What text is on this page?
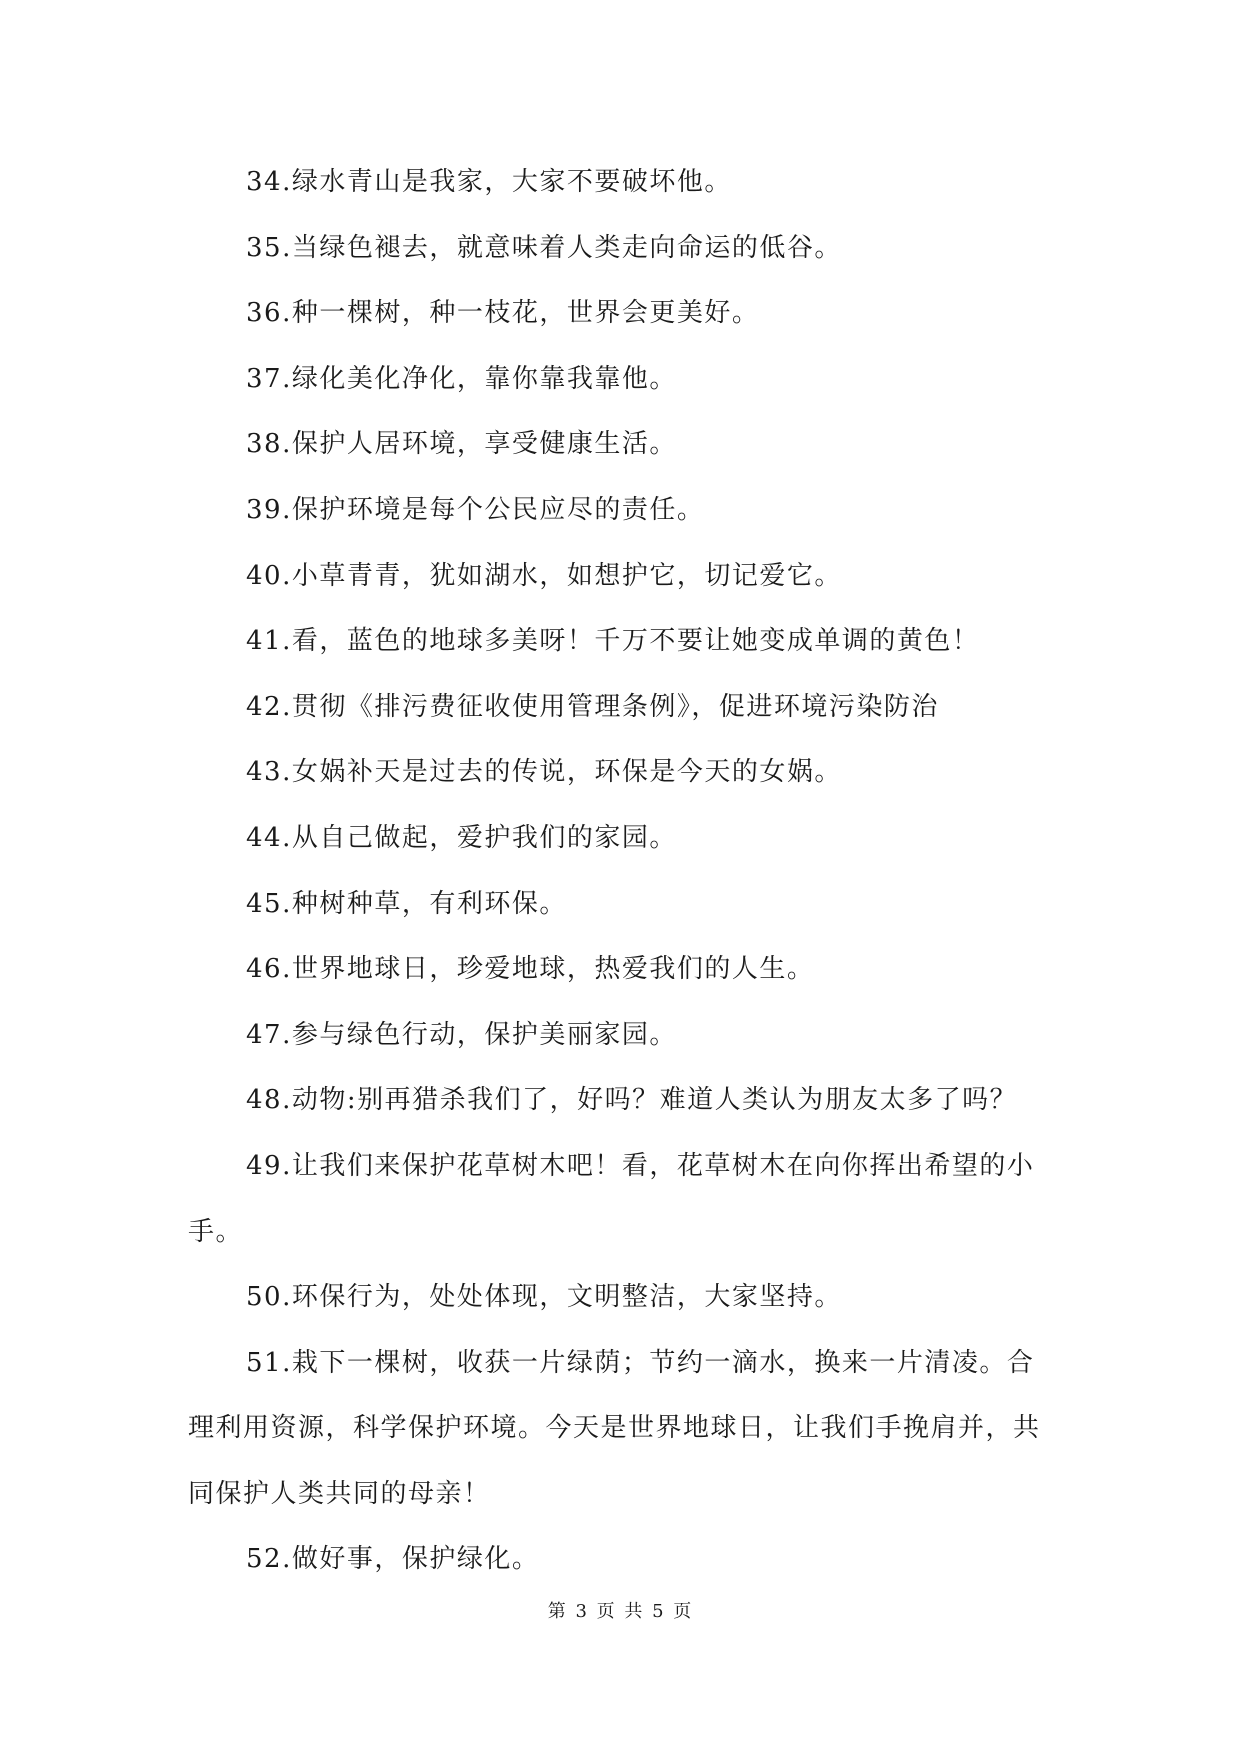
34.绿水青山是我家，大家不要破坏他。

35.当绿色褪去，就意味着人类走向命运的低谷。

36.种一棵树，种一枝花，世界会更美好。

37.绿化美化净化，靠你靠我靠他。

38.保护人居环境，享受健康生活。

39.保护环境是每个公民应尽的责任。

40.小草青青，犹如湖水，如想护它，切记爱它。

41.看，蓝色的地球多美呀！千万不要让她变成单调的黄色！

42.贯彻《排污费征收使用管理条例》，促进环境污染防治

43.女娲补天是过去的传说，环保是今天的女娲。

44.从自己做起，爱护我们的家园。

45.种树种草，有利环保。

46.世界地球日，珍爱地球，热爱我们的人生。

47.参与绿色行动，保护美丽家园。

48.动物:别再猎杀我们了，好吗？难道人类认为朋友太多了吗？

49.让我们来保护花草树木吧！看，花草树木在向你挥出希望的小手。

50.环保行为，处处体现，文明整洁，大家坚持。

51.栽下一棵树，收获一片绿荫；节约一滴水，换来一片清凌。合理利用资源，科学保护环境。今天是世界地球日，让我们手挽肩并，共同保护人类共同的母亲！

52.做好事，保护绿化。

第 3 页 共 5 页
